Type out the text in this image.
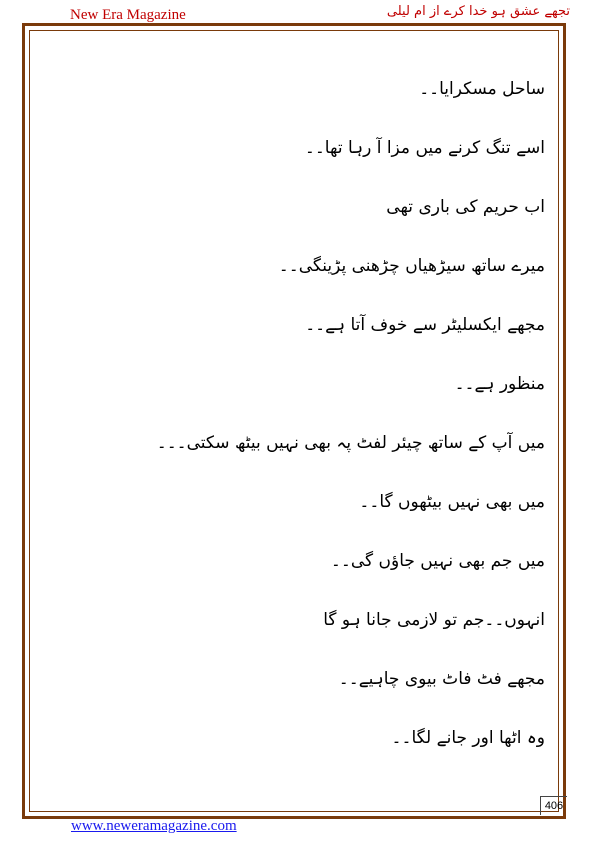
New Era Magazine	تجھے عشق ہو خدا کرے از ام لیلی
ساحل مسکرایا۔۔
اسے تنگ کرنے میں مزا آ رہا تھا۔۔
اب حریم کی باری تھی
میرے ساتھ سیڑھیاں چڑھنی پڑینگی۔۔
مجھے ایکسلیٹر سے خوف آتا ہے۔۔
منظور ہے۔۔
میں آپ کے ساتھ چیئر لفٹ پہ بھی نہیں بیٹھ سکتی۔۔۔
میں بھی نہیں بیٹھوں گا۔۔
میں جم بھی نہیں جاؤں گی۔۔
انہوں۔۔جم تو لازمی جانا ہو گا
مجھے فٹ فاٹ بیوی چاہیے۔۔
وہ اٹھا اور جانے لگا۔۔
406
www.neweramagazine.com
